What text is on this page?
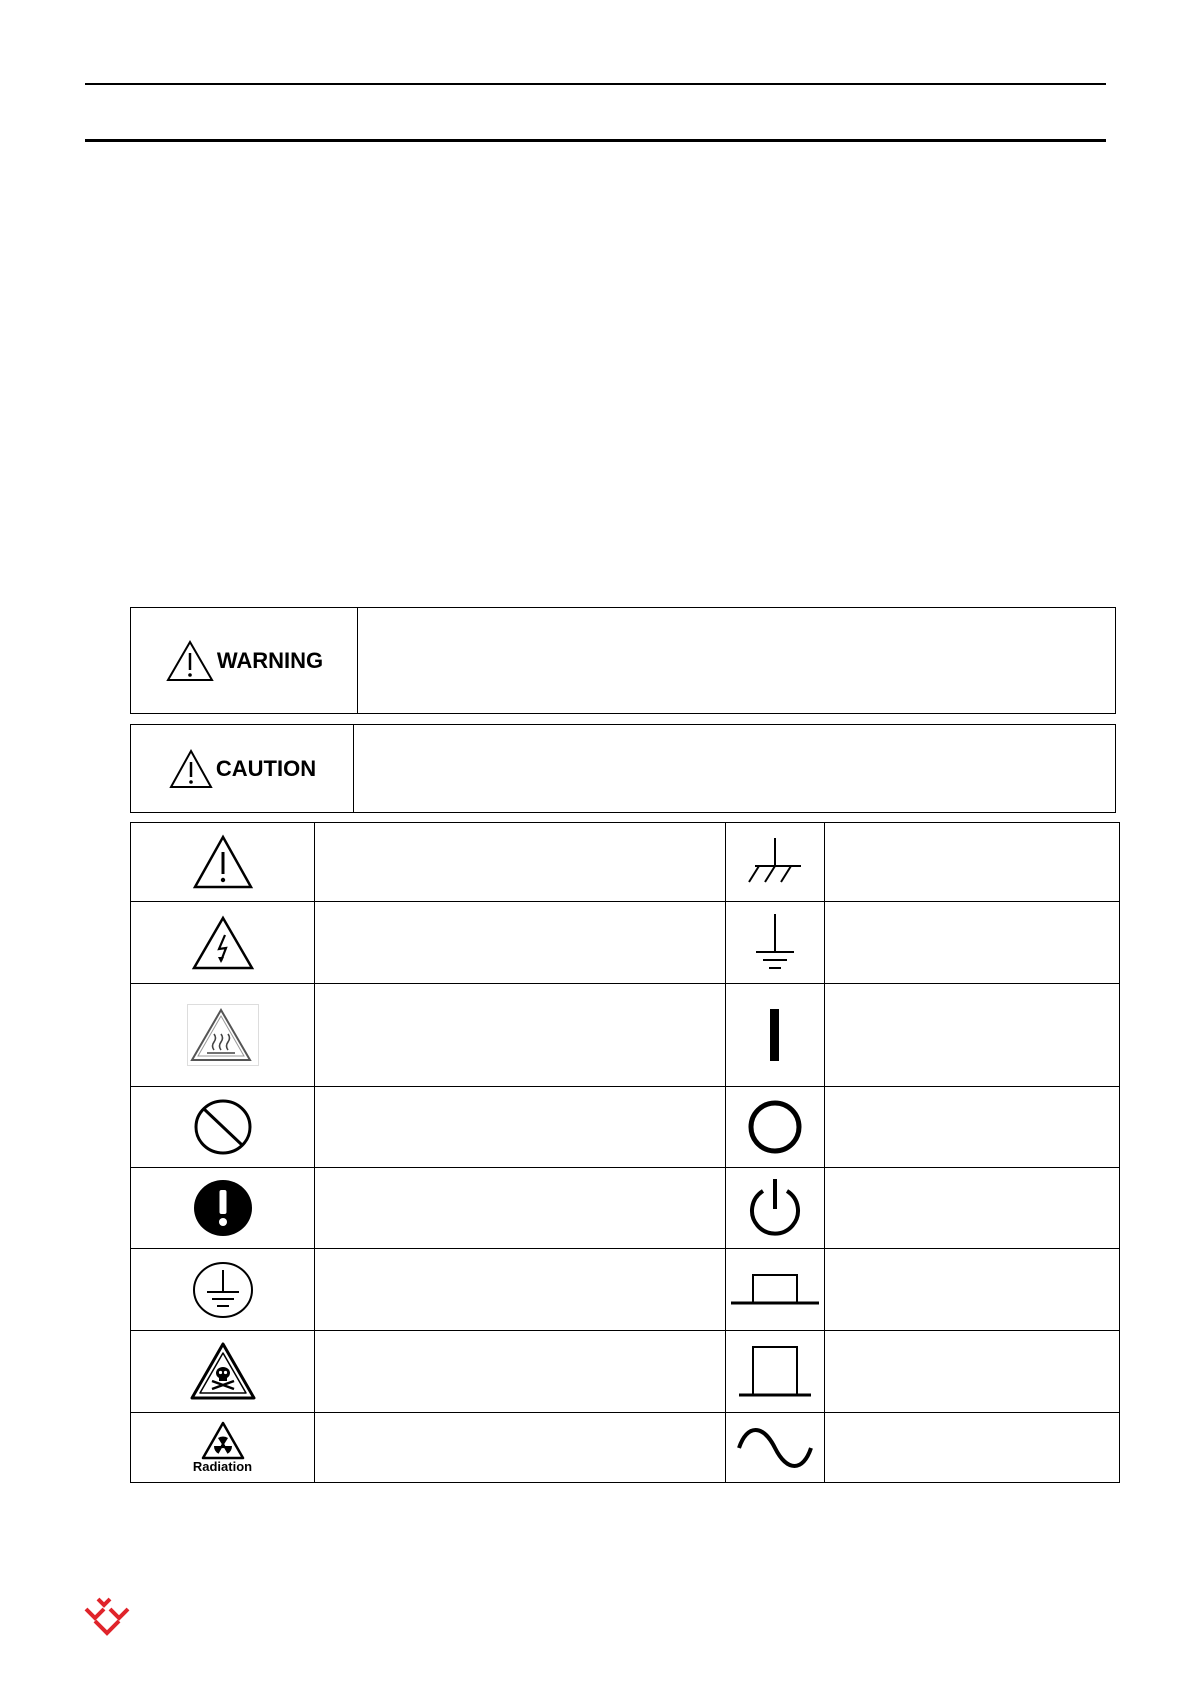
WARNING
CAUTION

Radiation
